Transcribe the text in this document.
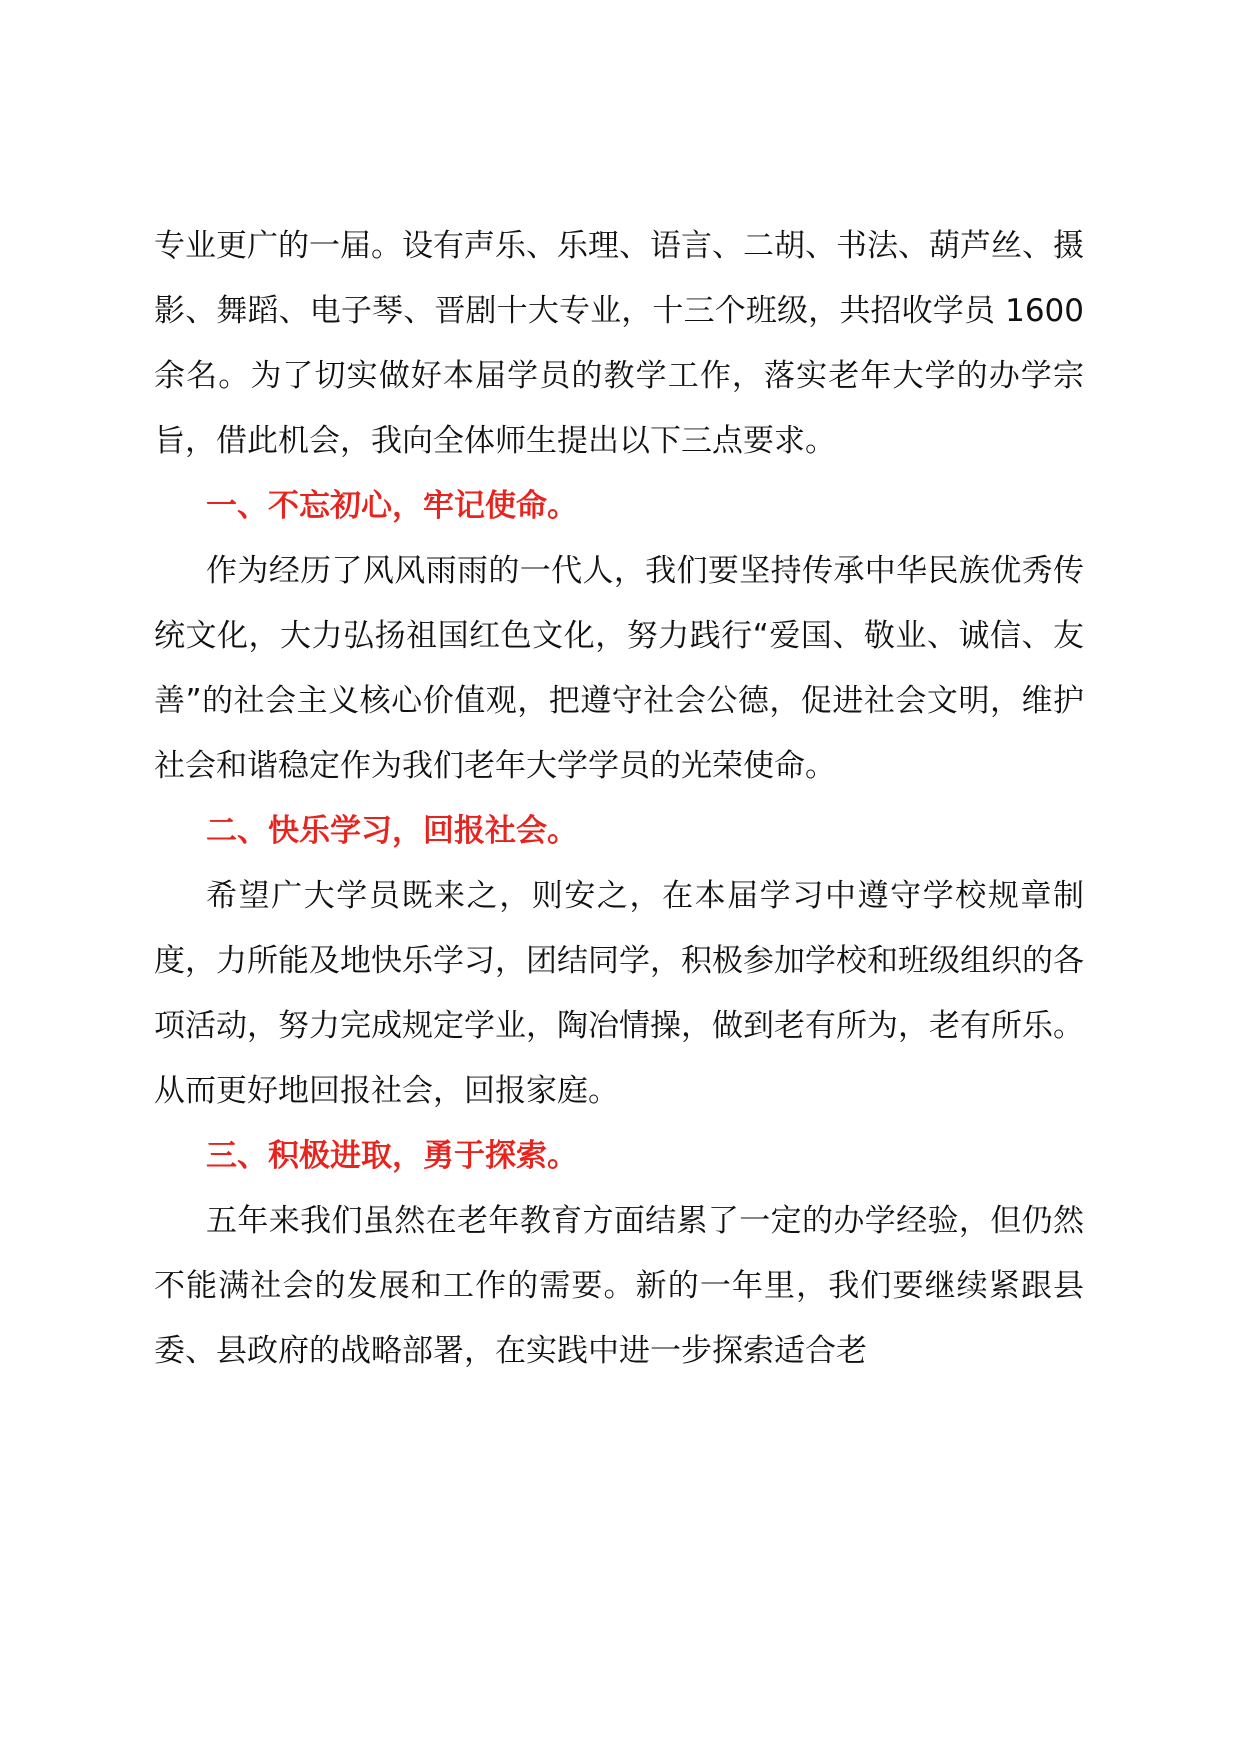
专业更广的一届。设有声乐、乐理、语言、二胡、书法、葫芦丝、摄影、舞蹈、电子琴、晋剧十大专业，十三个班级，共招收学员 1600 余名。为了切实做好本届学员的教学工作，落实老年大学的办学宗旨，借此机会，我向全体师生提出以下三点要求。

一、不忘初心，牢记使命。

作为经历了风风雨雨的一代人，我们要坚持传承中华民族优秀传统文化，大力弘扬祖国红色文化，努力践行“爱国、敬业、诚信、友善”的社会主义核心价值观，把遵守社会公德，促进社会文明，维护社会和谐稳定作为我们老年大学学员的光荣使命。

二、快乐学习，回报社会。

希望广大学员既来之，则安之，在本届学习中遵守学校规章制度，力所能及地快乐学习，团结同学，积极参加学校和班级组织的各项活动，努力完成规定学业，陶冶情操，做到老有所为，老有所乐。从而更好地回报社会，回报家庭。

三、积极进取，勇于探索。

五年来我们虽然在老年教育方面结累了一定的办学经验，但仍然不能满社会的发展和工作的需要。新的一年里，我们要继续紧跟县委、县政府的战略部署，在实践中进一步探索适合老
